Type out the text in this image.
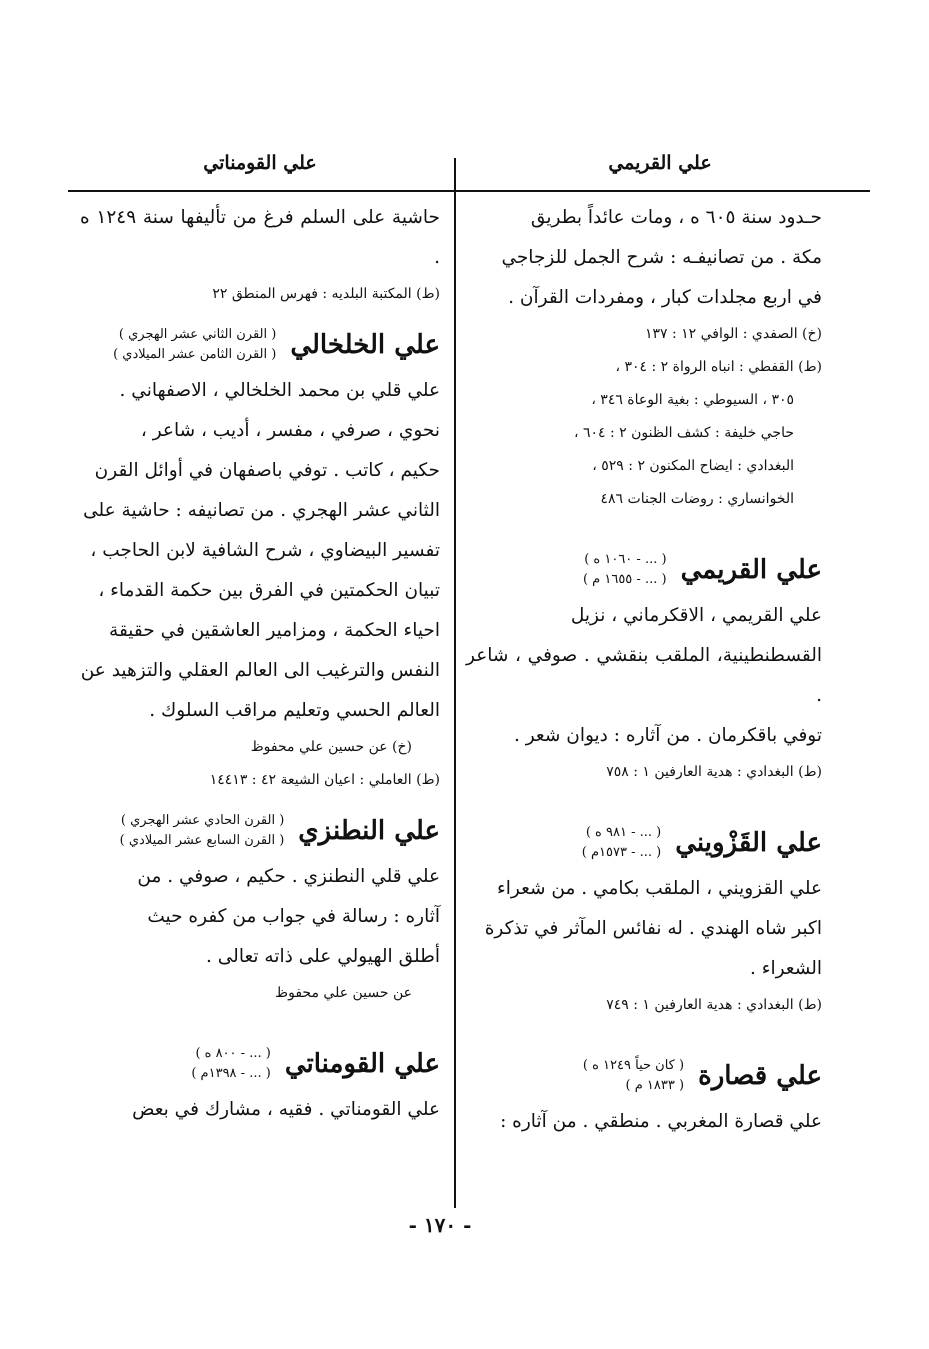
علي القريمي
علي القومناتي

حـدود سنة ٦٠٥ ه ، ومات عائداً بطريق

مكة . من تصانيفـه : شرح الجمل للزجاجي

في اربع مجلدات كبار ، ومفردات القرآن .

(خ) الصفدي : الوافي ١٢ : ١٣٧

(ط) القفطي : انباه الرواة ٢ : ٣٠٤ ،

٣٠٥ ، السيوطي : بغية الوعاة ٣٤٦ ،

حاجي خليفة : كشف الظنون ٢ : ٦٠٤ ،

البغدادي : ايضاح المكنون ٢ : ٥٢٩ ،

الخوانساري : روضات الجنات ٤٨٦

علي القريمي
( ... - ١٠٦٠ ه )
( ... - ١٦٥٥ م )

علي القريمي ، الاقكرماني ، نزيل

القسطنطينية، الملقب بنقشي . صوفي ، شاعر .

توفي باقكرمان . من آثاره : ديوان شعر .

(ط) البغدادي : هدية العارفين ١ : ٧٥٨

علي القَزْويني
( ... - ٩٨١ ه )
( ... - ١٥٧٣م )

علي القزويني ، الملقب بكامي . من شعراء

اكبر شاه الهندي . له نفائس المآثر في تذكرة

الشعراء .

(ط) البغدادي : هدية العارفين ١ : ٧٤٩

علي قصارة
( كان حياً ١٢٤٩ ه )
( ١٨٣٣ م )

علي قصارة المغربي . منطقي . من آثاره :

حاشية على السلم فرغ من تأليفها سنة ١٢٤٩ ه .

(ط) المكتبة البلديه : فهرس المنطق ٢٢

علي الخلخالي
( القرن الثاني عشر الهجري )
( القرن الثامن عشر الميلادي )

علي قلي بن محمد الخلخالي ، الاصفهاني .

نحوي ، صرفي ، مفسر ، أديب ، شاعر ،

حكيم ، كاتب . توفي باصفهان في أوائل القرن

الثاني عشر الهجري . من تصانيفه : حاشية على

تفسير البيضاوي ، شرح الشافية لابن الحاجب ،

تبيان الحكمتين في الفرق بين حكمة القدماء ،

احياء الحكمة ، ومزامير العاشقين في حقيقة

النفس والترغيب الى العالم العقلي والتزهيد عن

العالم الحسي وتعليم مراقب السلوك .

(خ) عن حسين علي محفوظ

(ط) العاملي : اعيان الشيعة ٤٢ : ١٤٤١٣

علي النطنزي
( القرن الحادي عشر الهجري )
( القرن السابع عشر الميلادي )

علي قلي النطنزي . حكيم ، صوفي . من

آثاره : رسالة في جواب من كفره حيث

أطلق الهيولي على ذاته تعالى .

عن حسين علي محفوظ

علي القومناتي
( ... - ٨٠٠ ه )
( ... - ١٣٩٨م )

علي القومناتي . فقيه ، مشارك في بعض

- ١٧٠ -
